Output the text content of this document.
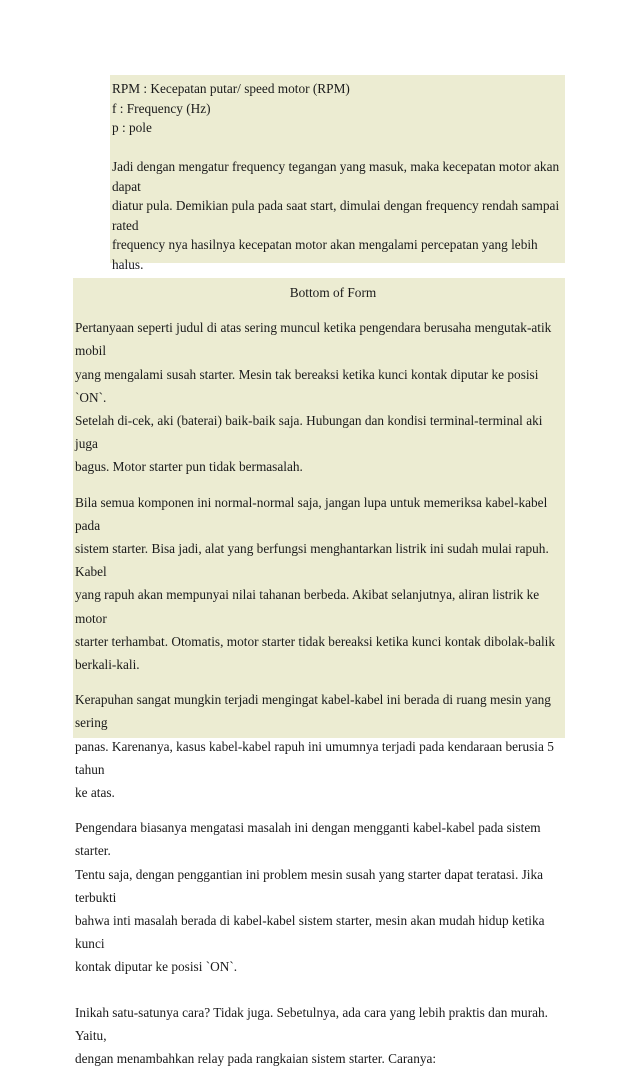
RPM : Kecepatan putar/ speed motor (RPM)

f : Frequency (Hz)

p : pole

Jadi dengan mengatur frequency tegangan yang masuk, maka kecepatan motor akan dapat

diatur pula. Demikian pula pada saat start, dimulai dengan frequency rendah sampai rated

frequency nya hasilnya kecepatan motor akan mengalami percepatan yang lebih halus.

Bottom of Form

Pertanyaan seperti judul di atas sering muncul ketika pengendara berusaha mengutak-atik mobil

yang mengalami susah starter. Mesin tak bereaksi ketika kunci kontak diputar ke posisi `ON`.

Setelah di-cek, aki (baterai) baik-baik saja. Hubungan dan kondisi terminal-terminal aki juga

bagus. Motor starter pun tidak bermasalah.

Bila semua komponen ini normal-normal saja, jangan lupa untuk memeriksa kabel-kabel pada

sistem starter. Bisa jadi, alat yang berfungsi menghantarkan listrik ini sudah mulai rapuh. Kabel

yang rapuh akan mempunyai nilai tahanan berbeda. Akibat selanjutnya, aliran listrik ke motor

starter terhambat. Otomatis, motor starter tidak bereaksi ketika kunci kontak dibolak-balik

berkali-kali.

Kerapuhan sangat mungkin terjadi mengingat kabel-kabel ini berada di ruang mesin yang sering

panas. Karenanya, kasus kabel-kabel rapuh ini umumnya terjadi pada kendaraan berusia 5 tahun

ke atas.

Pengendara biasanya mengatasi masalah ini dengan mengganti kabel-kabel pada sistem starter.

Tentu saja, dengan penggantian ini problem mesin susah yang starter dapat teratasi. Jika terbukti

bahwa inti masalah berada di kabel-kabel sistem starter, mesin akan mudah hidup ketika kunci

kontak diputar ke posisi `ON`.

Inikah satu-satunya cara? Tidak juga. Sebetulnya, ada cara yang lebih praktis dan murah. Yaitu,

dengan menambahkan relay pada rangkaian sistem starter. Caranya:
